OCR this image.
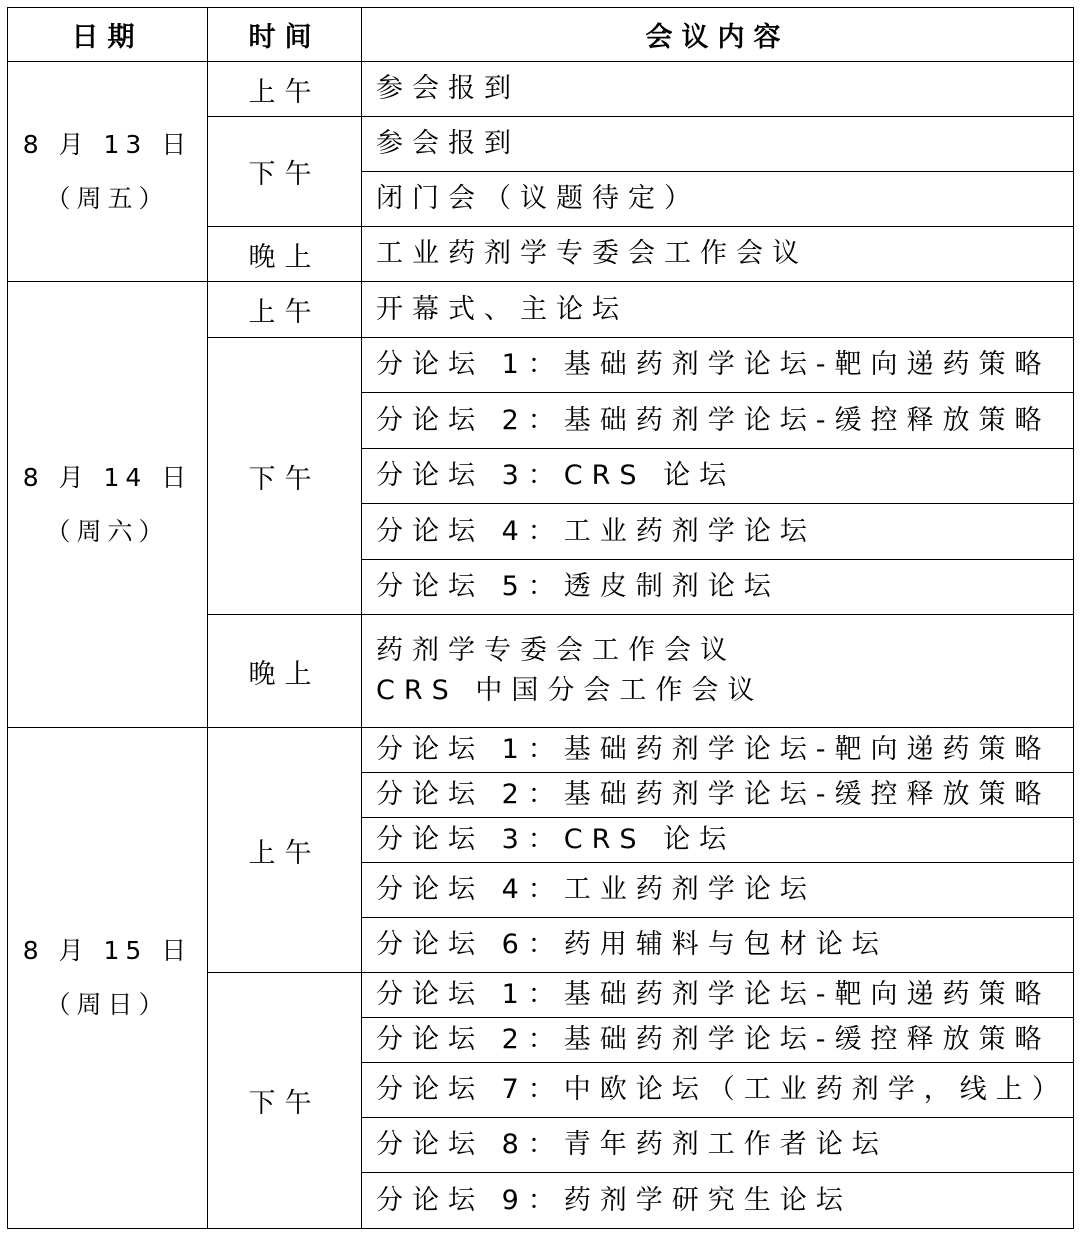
日期	时间	会议内容

8 月 13 日
（周五）	上午	参会报到

	下午	参会报到

		闭门会（议题待定）

	晚上	工业药剂学专委会工作会议

8 月 14 日
（周六）	上午	开幕式、主论坛

	下午	分论坛 1：基础药剂学论坛-靶向递药策略

		分论坛 2：基础药剂学论坛-缓控释放策略

		分论坛 3：CRS 论坛

		分论坛 4：工业药剂学论坛

		分论坛 5：透皮制剂论坛

	晚上	药剂学专委会工作会议
CRS 中国分会工作会议

8 月 15 日
（周日）	上午	分论坛 1：基础药剂学论坛-靶向递药策略

		分论坛 2：基础药剂学论坛-缓控释放策略

		分论坛 3：CRS 论坛

		分论坛 4：工业药剂学论坛

		分论坛 6：药用辅料与包材论坛

	下午	分论坛 1：基础药剂学论坛-靶向递药策略

		分论坛 2：基础药剂学论坛-缓控释放策略

		分论坛 7：中欧论坛（工业药剂学，线上）

		分论坛 8：青年药剂工作者论坛

		分论坛 9：药剂学研究生论坛
